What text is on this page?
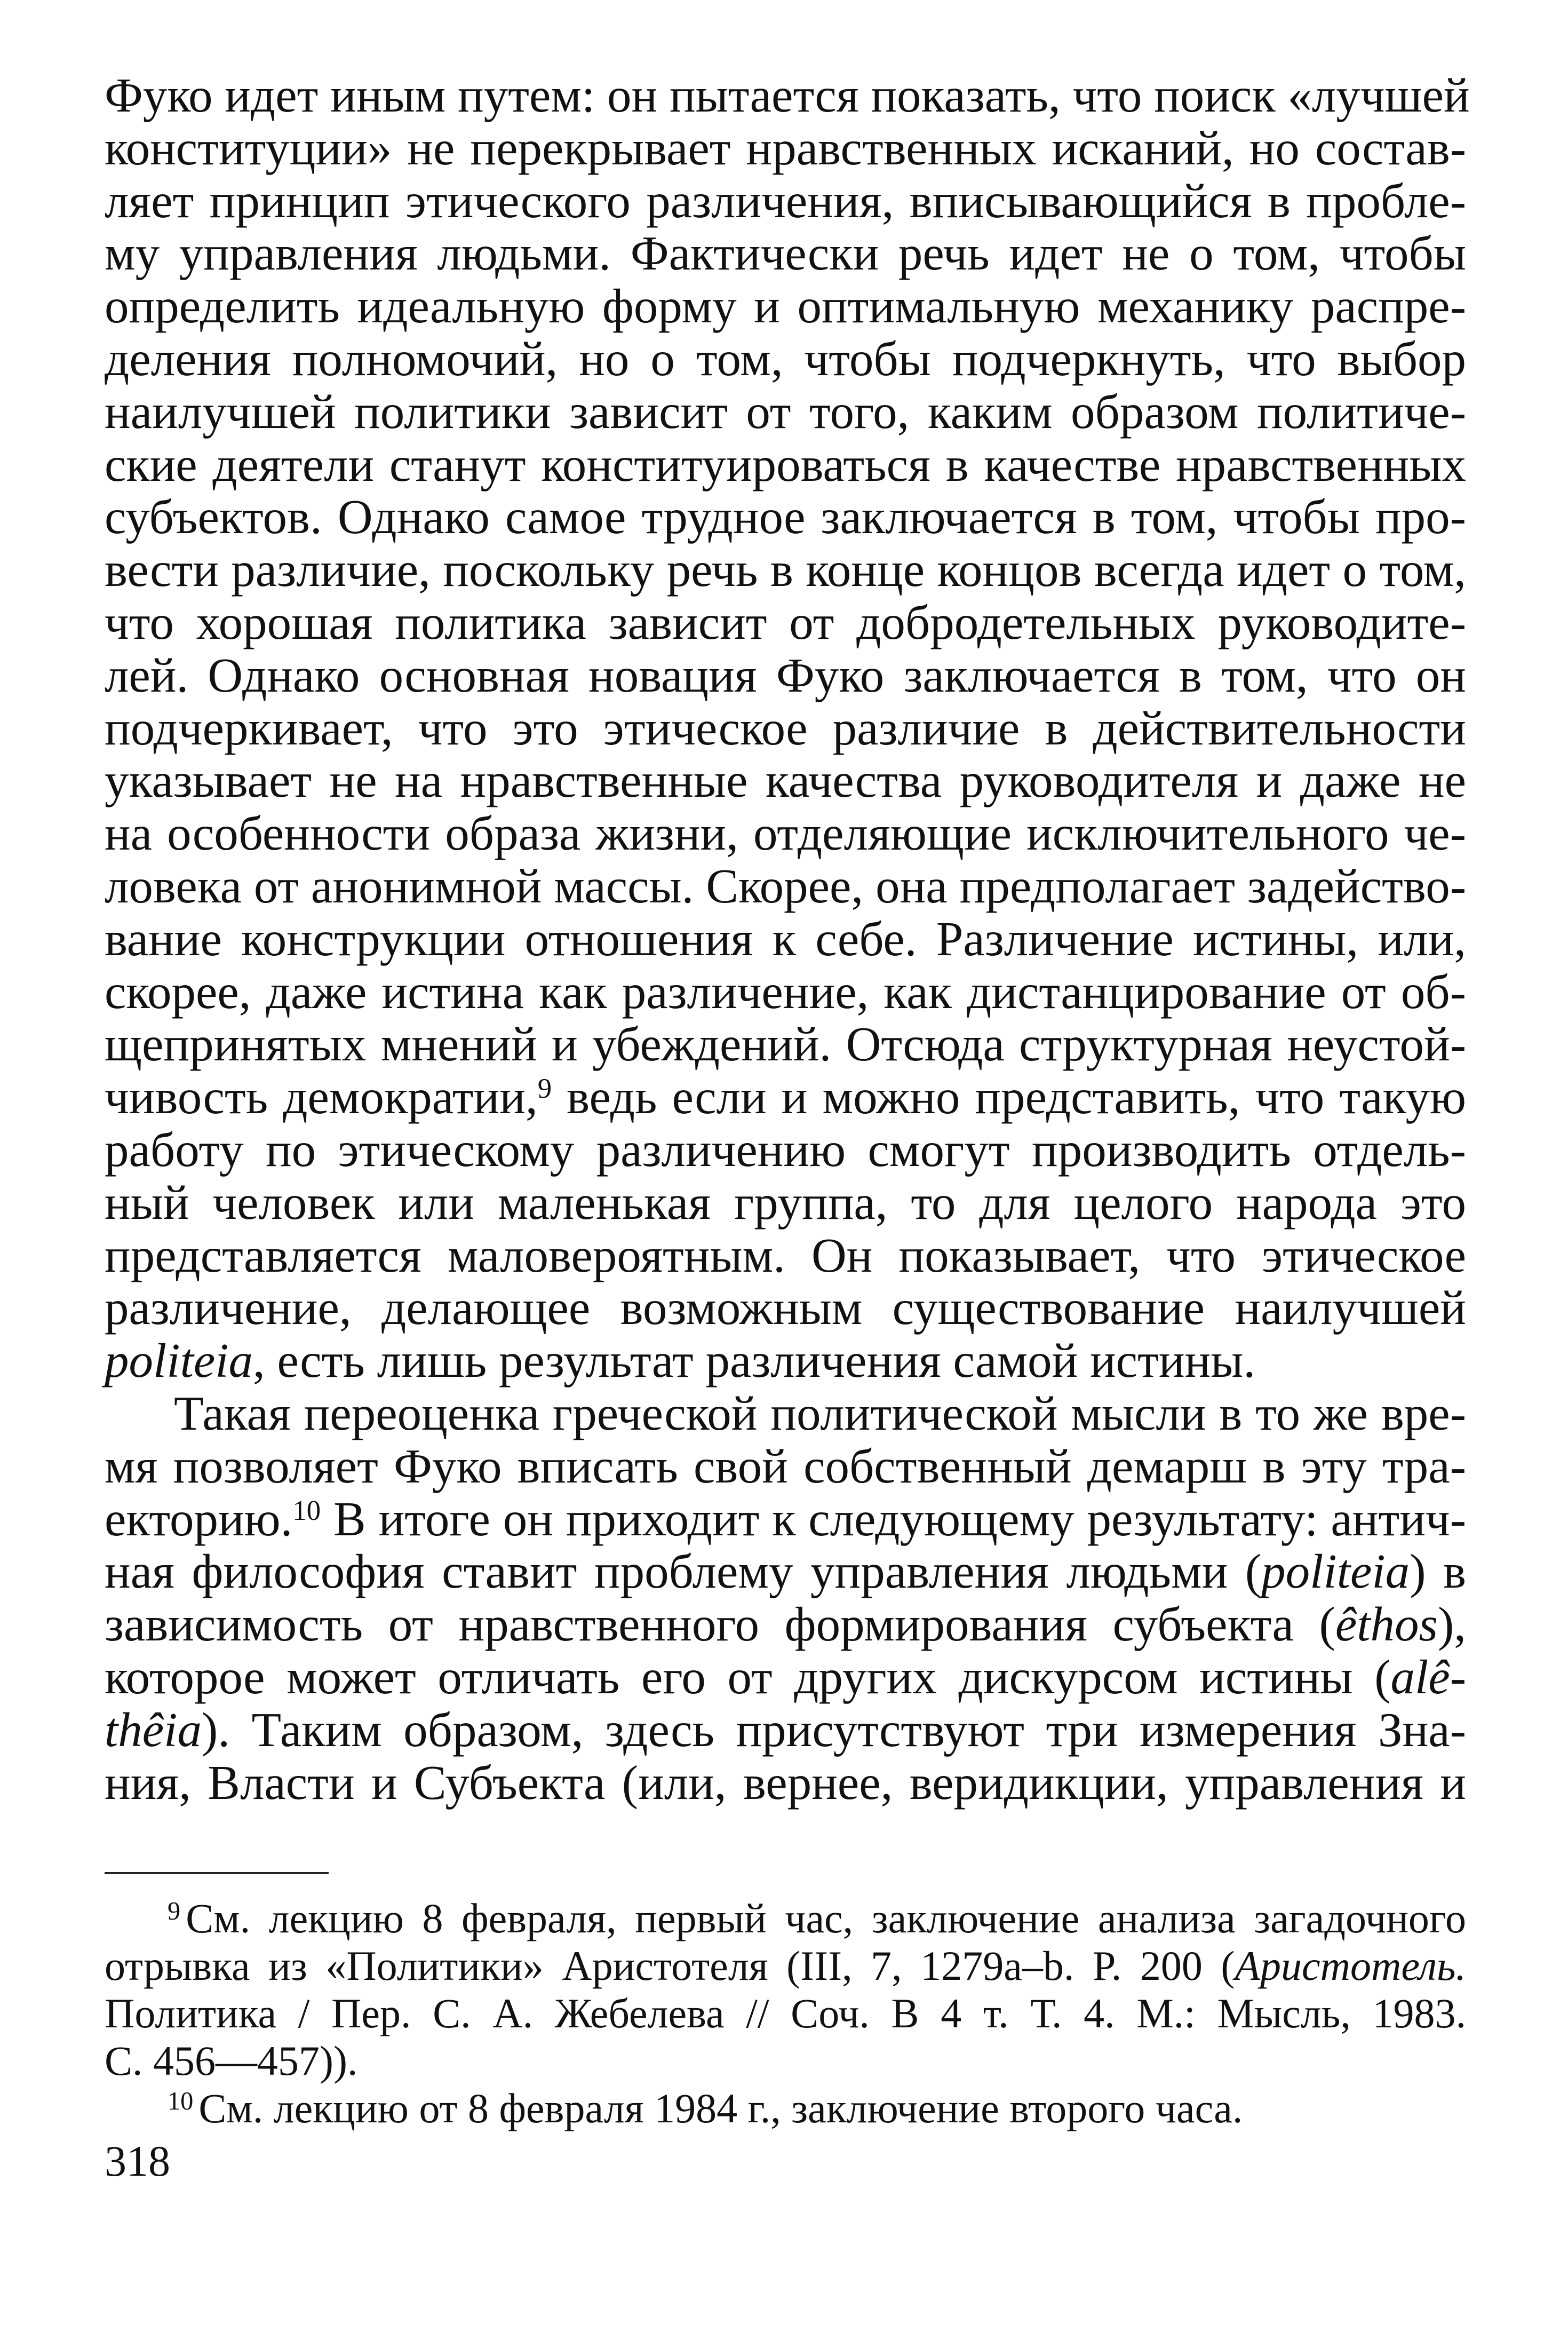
Фуко идет иным путем: он пытается показать, что поиск «лучшей
конституции» не перекрывает нравственных исканий, но состав-
ляет принцип этического различения, вписывающийся в пробле-
му управления людьми. Фактически речь идет не о том, чтобы
определить идеальную форму и оптимальную механику распре-
деления полномочий, но о том, чтобы подчеркнуть, что выбор
наилучшей политики зависит от того, каким образом политиче-
ские деятели станут конституироваться в качестве нравственных
субъектов. Однако самое трудное заключается в том, чтобы про-
вести различие, поскольку речь в конце концов всегда идет о том,
что хорошая политика зависит от добродетельных руководите-
лей. Однако основная новация Фуко заключается в том, что он
подчеркивает, что это этическое различие в действительности
указывает не на нравственные качества руководителя и даже не
на особенности образа жизни, отделяющие исключительного че-
ловека от анонимной массы. Скорее, она предполагает задейство-
вание конструкции отношения к себе. Различение истины, или,
скорее, даже истина как различение, как дистанцирование от об-
щепринятых мнений и убеждений. Отсюда структурная неустой-
чивость демократии,$^9$ ведь если и можно представить, что такую
работу по этическому различению смогут производить отдель-
ный человек или маленькая группа, то для целого народа это
представляется маловероятным. Он показывает, что этическое
различение, делающее возможным существование наилучшей
politeia, есть лишь результат различения самой истины.
Такая переоценка греческой политической мысли в то же вре-
мя позволяет Фуко вписать свой собственный демарш в эту тра-
екторию.$^{10}$ В итоге он приходит к следующему результату: антич-
ная философия ставит проблему управления людьми (politeia) в
зависимость от нравственного формирования субъекта (êthos),
которое может отличать его от других дискурсом истины (alê-
thêia). Таким образом, здесь присутствуют три измерения Зна-
ния, Власти и Субъекта (или, вернее, веридикции, управления и
$^9$ См. лекцию 8 февраля, первый час, заключение анализа загадочного
отрывка из «Политики» Аристотеля (III, 7, 1279a–b. P. 200 (Аристотель.
Политика / Пер. С. А. Жебелева // Соч. В 4 т. Т. 4. М.: Мысль, 1983.
С. 456—457)).
$^{10}$ См. лекцию от 8 февраля 1984 г., заключение второго часа.
318
